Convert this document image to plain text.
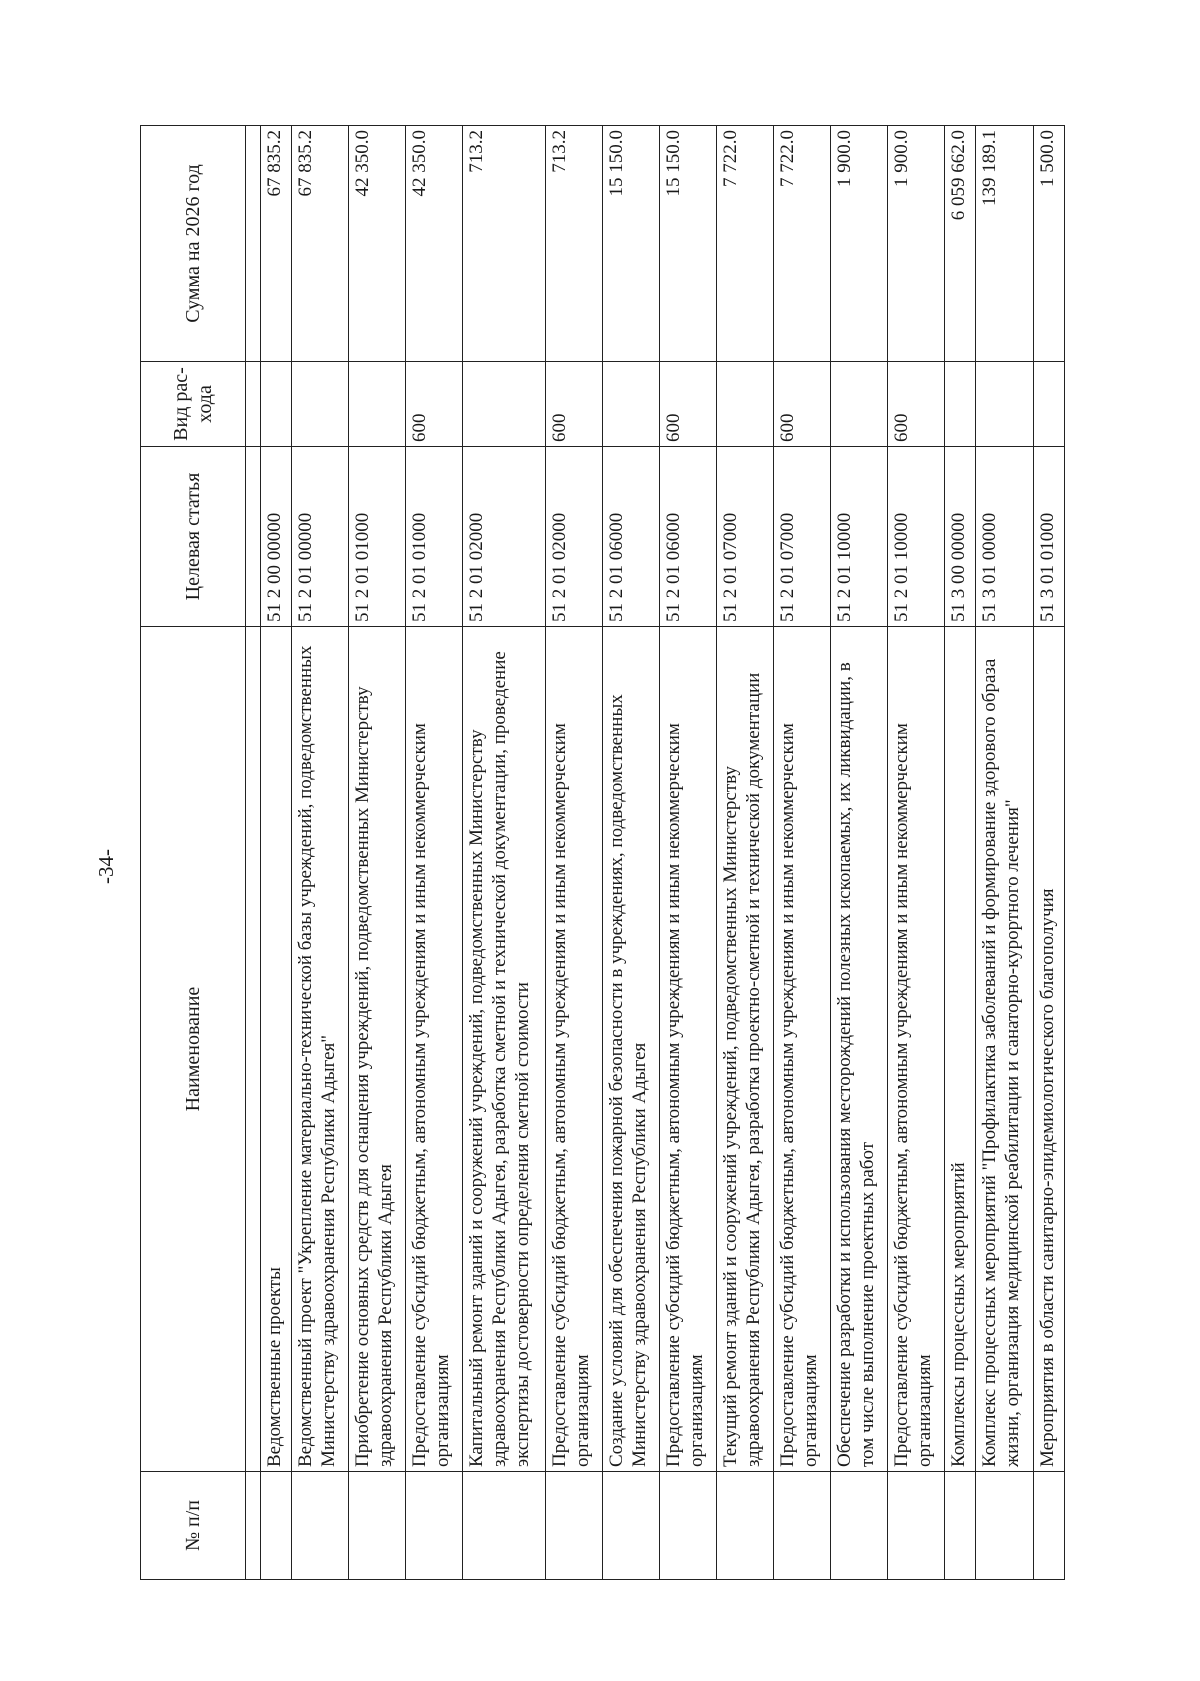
-34-
№ п/п	Наименование	Целевая статья	Вид рас-хода	Сумма на 2026 год

	Ведомственные проекты	51 2 00 00000		67 835.2
	Ведомственный проект "Укрепление материально-технической базы учреждений, подведомственных Министерству здравоохранения Республики Адыгея"	51 2 01 00000		67 835.2
	Приобретение основных средств для оснащения учреждений, подведомственных Министерству здравоохранения Республики Адыгея	51 2 01 01000		42 350.0
	Предоставление субсидий бюджетным, автономным учреждениям и иным некоммерческим организациям	51 2 01 01000	600	42 350.0
	Капитальный ремонт зданий и сооружений учреждений, подведомственных Министерству здравоохранения Республики Адыгея, разработка сметной и технической документации, проведение экспертизы достоверности определения сметной стоимости	51 2 01 02000		713.2
	Предоставление субсидий бюджетным, автономным учреждениям и иным некоммерческим организациям	51 2 01 02000	600	713.2
	Создание условий для обеспечения пожарной безопасности в учреждениях, подведомственных Министерству здравоохранения Республики Адыгея	51 2 01 06000		15 150.0
	Предоставление субсидий бюджетным, автономным учреждениям и иным некоммерческим организациям	51 2 01 06000	600	15 150.0
	Текущий ремонт зданий и сооружений учреждений, подведомственных Министерству здравоохранения Республики Адыгея, разработка проектно-сметной и технической документации	51 2 01 07000		7 722.0
	Предоставление субсидий бюджетным, автономным учреждениям и иным некоммерческим организациям	51 2 01 07000	600	7 722.0
	Обеспечение разработки и использования месторождений полезных ископаемых, их ликвидации, в том числе выполнение проектных работ	51 2 01 10000		1 900.0
	Предоставление субсидий бюджетным, автономным учреждениям и иным некоммерческим организациям	51 2 01 10000	600	1 900.0
	Комплексы процессных мероприятий	51 3 00 00000		6 059 662.0
	Комплекс процессных мероприятий "Профилактика заболеваний и формирование здорового образа жизни, организация медицинской реабилитации и санаторно-курортного лечения"	51 3 01 00000		139 189.1
	Мероприятия в области санитарно-эпидемиологического благополучия	51 3 01 01000		1 500.0
